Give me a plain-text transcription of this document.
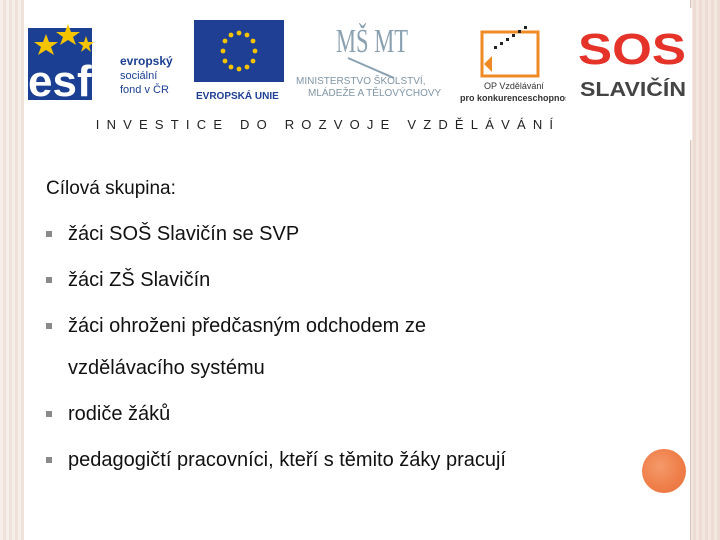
esf evropský
sociální
fond v ČR
EVROPSKÁ UNIE
MŠ MT
MINISTERSTVO ŠKOLSTVÍ,
MLÁDEŽE A TĚLOVÝCHOVY
OP Vzdělávání
pro konkurenceschopnost
SOS
SLAVIČÍN
INVESTICE DO ROZVOJE VZDĚLÁVÁNÍ
Cílová skupina:
žáci SOŠ Slavičín se SVP
žáci ZŠ Slavičín
žáci ohroženi předčasným odchodem ze
vzdělávacího systému
rodiče žáků
pedagogičtí pracovníci, kteří s těmito žáky pracují
